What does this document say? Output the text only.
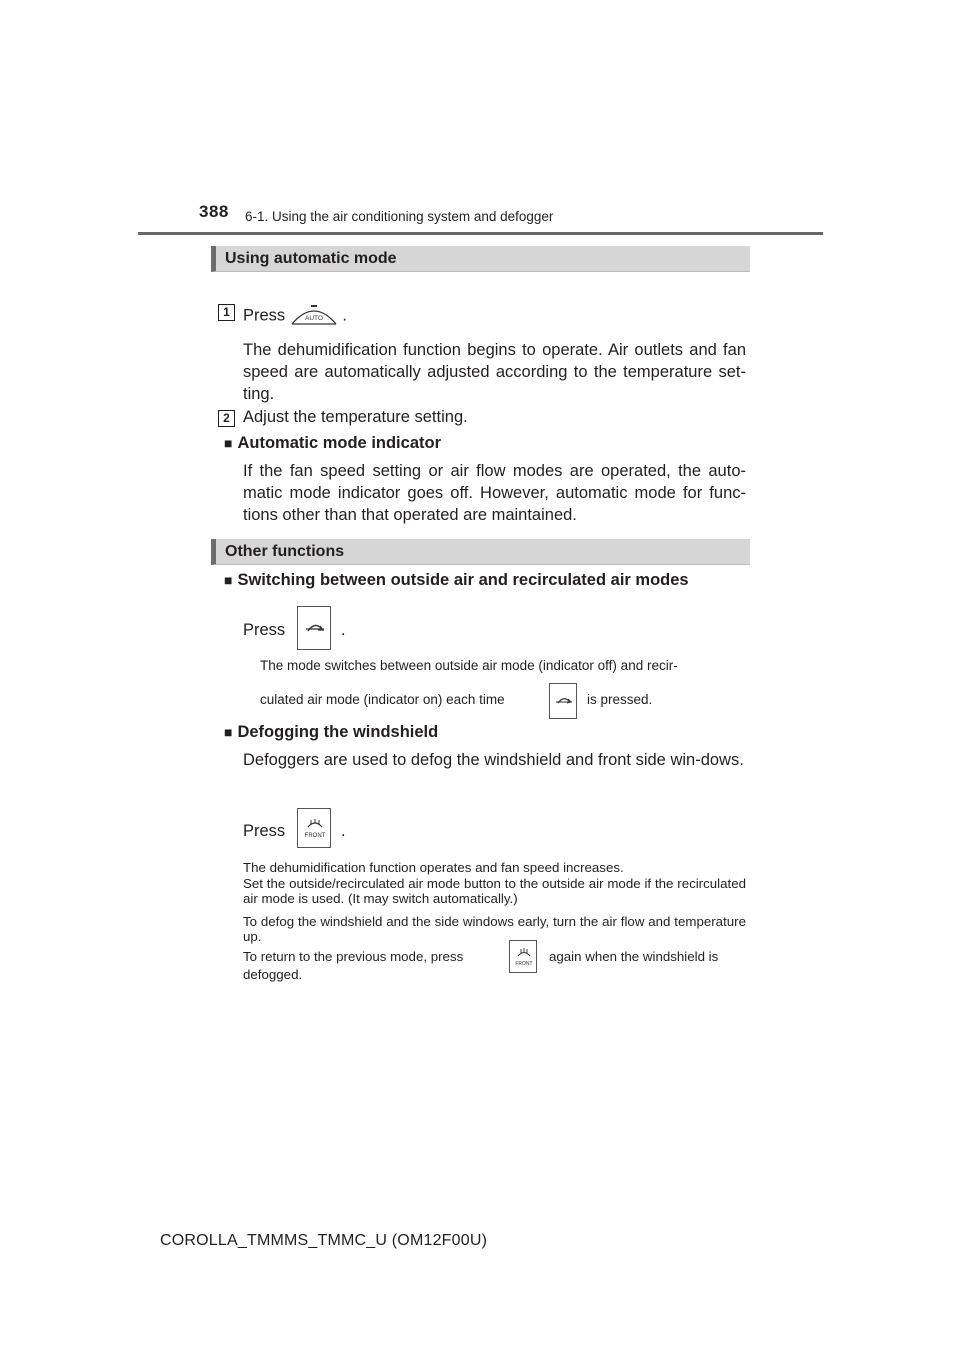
388 6-1. Using the air conditioning system and defogger
Using automatic mode
1 Press	AUTO .
The dehumidification function begins to operate. Air outlets and fan speed are automatically adjusted according to the temperature set-ting.
2 Adjust the temperature setting.
■ Automatic mode indicator
If the fan speed setting or air flow modes are operated, the auto-matic mode indicator goes off. However, automatic mode for func-tions other than that operated are maintained.
Other functions
■ Switching between outside air and recirculated air modes
Press	.
The mode switches between outside air mode (indicator off) and recir-
culated air mode (indicator on) each time	is pressed.
■ Defogging the windshield
Defoggers are used to defog the windshield and front side win-dows.
Press	FRONT .
The dehumidification function operates and fan speed increases.
Set the outside/recirculated air mode button to the outside air mode if the recirculated air mode is used. (It may switch automatically.)
To defog the windshield and the side windows early, turn the air flow and temperature up.
To return to the previous mode, press	FRONT again when the windshield is
defogged.
COROLLA_TMMMS_TMMC_U (OM12F00U)
